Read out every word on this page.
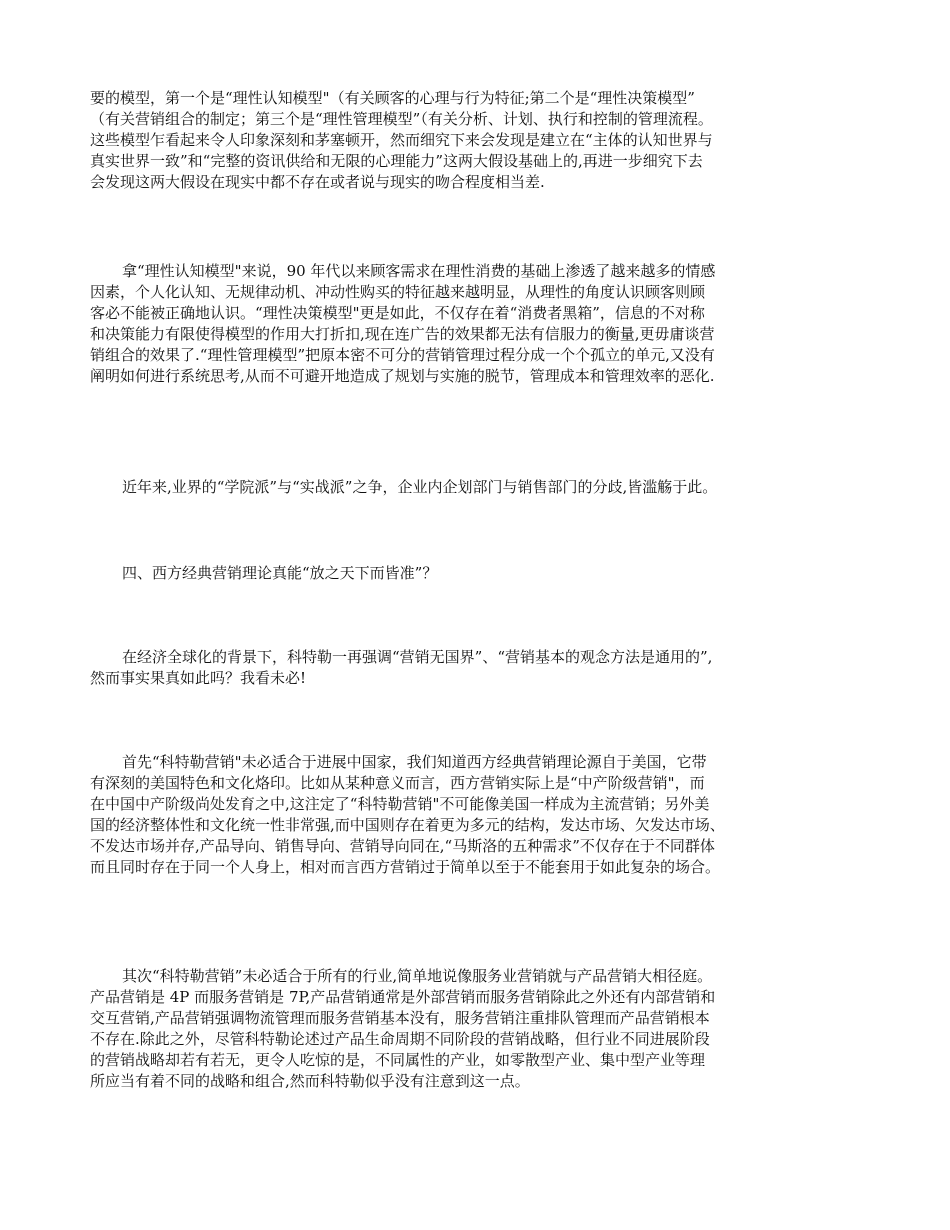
要的模型，第一个是“理性认知模型"（有关顾客的心理与行为特征;第二个是“理性决策模型”
（有关营销组合的制定；第三个是“理性管理模型”（有关分析、计划、执行和控制的管理流程。
这些模型乍看起来令人印象深刻和茅塞顿开，然而细究下来会发现是建立在“主体的认知世界与
真实世界一致”和“完整的资讯供给和无限的心理能力”这两大假设基础上的,再进一步细究下去
会发现这两大假设在现实中都不存在或者说与现实的吻合程度相当差.
拿“理性认知模型"来说，90 年代以来顾客需求在理性消费的基础上渗透了越来越多的情感
因素，个人化认知、无规律动机、冲动性购买的特征越来越明显，从理性的角度认识顾客则顾
客必不能被正确地认识。“理性决策模型"更是如此，不仅存在着“消费者黑箱”，信息的不对称
和决策能力有限使得模型的作用大打折扣,现在连广告的效果都无法有信服力的衡量,更毋庸谈营
销组合的效果了.“理性管理模型”把原本密不可分的营销管理过程分成一个个孤立的单元,又没有
阐明如何进行系统思考,从而不可避开地造成了规划与实施的脱节，管理成本和管理效率的恶化.
近年来,业界的“学院派”与“实战派”之争，企业内企划部门与销售部门的分歧,皆滥觞于此。
四、西方经典营销理论真能“放之天下而皆准”？
在经济全球化的背景下，科特勒一再强调“营销无国界”、“营销基本的观念方法是通用的”,
然而事实果真如此吗？我看未必!
首先“科特勒营销"未必适合于进展中国家，我们知道西方经典营销理论源自于美国，它带
有深刻的美国特色和文化烙印。比如从某种意义而言，西方营销实际上是“中产阶级营销"，而
在中国中产阶级尚处发育之中,这注定了“科特勒营销"不可能像美国一样成为主流营销；另外美
国的经济整体性和文化统一性非常强,而中国则存在着更为多元的结构，发达市场、欠发达市场、
不发达市场并存,产品导向、销售导向、营销导向同在,“马斯洛的五种需求”不仅存在于不同群体
而且同时存在于同一个人身上，相对而言西方营销过于简单以至于不能套用于如此复杂的场合。
其次“科特勒营销”未必适合于所有的行业,简单地说像服务业营销就与产品营销大相径庭。
产品营销是 4P 而服务营销是 7P,产品营销通常是外部营销而服务营销除此之外还有内部营销和
交互营销,产品营销强调物流管理而服务营销基本没有，服务营销注重排队管理而产品营销根本
不存在.除此之外，尽管科特勒论述过产品生命周期不同阶段的营销战略，但行业不同进展阶段
的营销战略却若有若无，更令人吃惊的是，不同属性的产业，如零散型产业、集中型产业等理
所应当有着不同的战略和组合,然而科特勒似乎没有注意到这一点。
